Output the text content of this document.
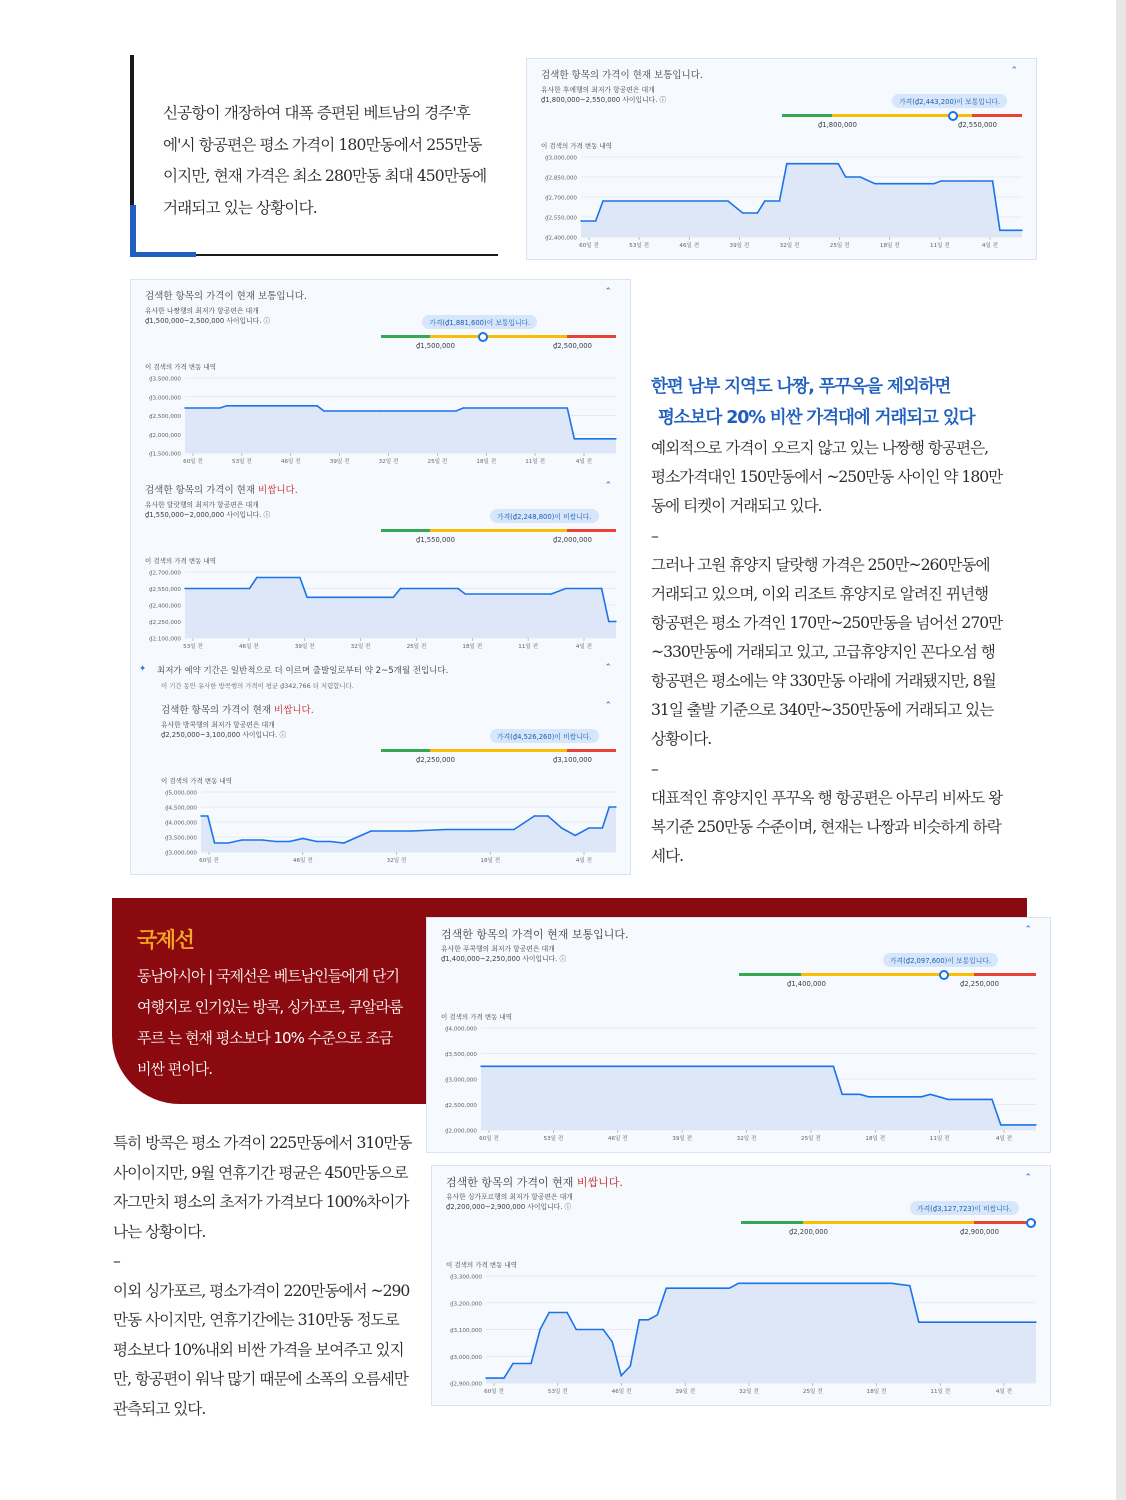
신공항이 개장하여 대폭 증편된 베트남의 경주'후에'시 항공편은 평소 가격이 180만동에서 255만동이지만, 현재 가격은 최소 280만동 최대 450만동에 거래되고 있는 상황이다.
한편 남부 지역도 나짱, 푸꾸옥을 제외하면
평소보다 20% 비싼 가격대에 거래되고 있다

예외적으로 가격이 오르지 않고 있는 나짱행 항공편은, 평소가격대인 150만동에서 ~250만동 사이인 약 180만동에 티켓이 거래되고 있다.

–

그러나 고원 휴양지 달랏행 가격은 250만~260만동에 거래되고 있으며, 이외 리조트 휴양지로 알려진 뀌년행 항공편은 평소 가격인 170만~250만동을 넘어선 270만~330만동에 거래되고 있고, 고급휴양지인 꼰다오섬 행 항공편은 평소에는 약 330만동 아래에 거래됐지만, 8월 31일 출발 기준으로 340만~350만동에 거래되고 있는 상황이다.

–

대표적인 휴양지인 푸꾸옥 행 항공편은 아무리 비싸도 왕복기준 250만동 수준이며, 현재는 나짱과 비슷하게 하락세다.

국제선
동남아시아 | 국제선은 베트남인들에게 단기여행지로 인기있는 방콕, 싱가포르, 쿠알라룸푸르 는 현재 평소보다 10% 수준으로 조금 비싼 편이다.

특히 방콕은 평소 가격이 225만동에서 310만동 사이이지만, 9월 연휴기간 평균은 450만동으로 자그만치 평소의 초저가 가격보다 100%차이가 나는 상황이다.

–

이외 싱가포르, 평소가격이 220만동에서 ~290만동 사이지만, 연휴기간에는 310만동 정도로 평소보다 10%내외 비싼 가격을 보여주고 있지만, 항공편이 워낙 많기 때문에 소폭의 오름세만 관측되고 있다.

검색한 항목의 가격이 현재 보통입니다.	⌃
유사한 후에행의 최저가 항공편은 대개
₫1,800,000~2,550,000 사이입니다. ⓘ
₫1,800,000	₫2,550,000
가격(₫2,443,200)이 보통입니다.
이 검색의 가격 변동 내역
₫3,000,000
₫2,850,000
₫2,700,000
₫2,550,000
₫2,400,000
60일 전	53일 전	46일 전	39일 전	32일 전	25일 전	18일 전	11일 전	4일 전
검색한 항목의 가격이 현재 보통입니다.	⌃
유사한 나짱행의 최저가 항공편은 대개
₫1,500,000~2,500,000 사이입니다. ⓘ
₫1,500,000	₫2,500,000
가격(₫1,881,600)이 보통입니다.
이 검색의 가격 변동 내역
₫3,500,000
₫3,000,000
₫2,500,000
₫2,000,000
₫1,500,000
60일 전	53일 전	46일 전	39일 전	32일 전	25일 전	18일 전	11일 전	4일 전
검색한 항목의 가격이 현재 비쌉니다.	⌃
유사한 달랏행의 최저가 항공편은 대개
₫1,550,000~2,000,000 사이입니다. ⓘ
₫1,550,000	₫2,000,000
가격(₫2,248,800)이 비쌉니다.
이 검색의 가격 변동 내역
₫2,700,000
₫2,550,000
₫2,400,000
₫2,250,000
₫2,100,000
53일 전	46일 전	39일 전	32일 전	25일 전	18일 전	11일 전	4일 전
✦ 최저가 예약 기간은 일반적으로 더 이르며 출발일로부터 약 2~5개월 전입니다.
이 기간 동안 유사한 방콕행의 가격이 평균 ₫342,766 더 저렴합니다.
⌃
검색한 항목의 가격이 현재 비쌉니다.	⌃
유사한 방콕행의 최저가 항공편은 대개
₫2,250,000~3,100,000 사이입니다. ⓘ
₫2,250,000	₫3,100,000
가격(₫4,526,260)이 비쌉니다.
이 검색의 가격 변동 내역
₫5,000,000
₫4,500,000
₫4,000,000
₫3,500,000
₫3,000,000
60일 전	46일 전	32일 전	18일 전	4일 전
검색한 항목의 가격이 현재 보통입니다.	⌃
유사한 푸콕행의 최저가 항공편은 대개
₫1,400,000~2,250,000 사이입니다. ⓘ
₫1,400,000	₫2,250,000
가격(₫2,097,600)이 보통입니다.
이 검색의 가격 변동 내역
₫4,000,000
₫3,500,000
₫3,000,000
₫2,500,000
₫2,000,000
60일 전	53일 전	46일 전	39일 전	32일 전	25일 전	18일 전	11일 전	4일 전
검색한 항목의 가격이 현재 비쌉니다.	⌃
유사한 싱가포르행의 최저가 항공편은 대개
₫2,200,000~2,900,000 사이입니다. ⓘ
₫2,200,000	₫2,900,000
가격(₫3,127,723)이 비쌉니다.
이 검색의 가격 변동 내역
₫3,300,000
₫3,200,000
₫3,100,000
₫3,000,000
₫2,900,000
60일 전	53일 전	46일 전	39일 전	32일 전	25일 전	18일 전	11일 전	4일 전
